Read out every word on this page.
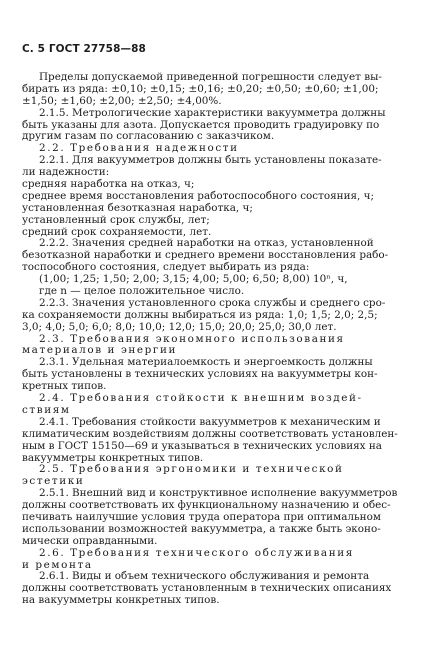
С. 5 ГОСТ 27758—88
Пределы допускаемой приведенной погрешности следует вы-
бирать из ряда: ±0,10; ±0,15; ±0,16; ±0,20; ±0,50; ±0,60; ±1,00;
±1,50; ±1,60; ±2,00; ±2,50; ±4,00%.
2.1.5. Метрологические характеристики вакуумметра должны
быть указаны для азота. Допускается проводить градуировку по
другим газам по согласованию с заказчиком.
2.2. Требования надежности
2.2.1. Для вакуумметров должны быть установлены показате-
ли надежности:
средняя наработка на отказ, ч;
среднее время восстановления работоспособного состояния, ч;
установленная безотказная наработка, ч;
установленный срок службы, лет;
средний срок сохраняемости, лет.
2.2.2. Значения средней наработки на отказ, установленной
безотказной наработки и среднего времени восстановления рабо-
тоспособного состояния, следует выбирать из ряда:
(1,00; 1,25; 1,50; 2,00; 3,15; 4,00; 5,00; 6,50; 8,00) 10ⁿ, ч,
где n — целое положительное число.
2.2.3. Значения установленного срока службы и среднего сро-
ка сохраняемости должны выбираться из ряда: 1,0; 1,5; 2,0; 2,5;
3,0; 4,0; 5,0; 6,0; 8,0; 10,0; 12,0; 15,0; 20,0; 25,0; 30,0 лет.
2.3. Требования экономного использования
материалов и энергии
2.3.1. Удельная материалоемкость и энергоемкость должны
быть установлены в технических условиях на вакуумметры кон-
кретных типов.
2.4. Требования стойкости к внешним воздей-
ствиям
2.4.1. Требования стойкости вакуумметров к механическим и
климатическим воздействиям должны соответствовать установлен-
ным в ГОСТ 15150—69 и указываться в технических условиях на
вакуумметры конкретных типов.
2.5. Требования эргономики и технической
эстетики
2.5.1. Внешний вид и конструктивное исполнение вакуумметров
должны соответствовать их функциональному назначению и обес-
печивать наилучшие условия труда оператора при оптимальном
использовании возможностей вакуумметра, а также быть эконо-
мически оправданными.
2.6. Требования технического обслуживания
и ремонта
2.6.1. Виды и объем технического обслуживания и ремонта
должны соответствовать установленным в технических описаниях
на вакуумметры конкретных типов.
